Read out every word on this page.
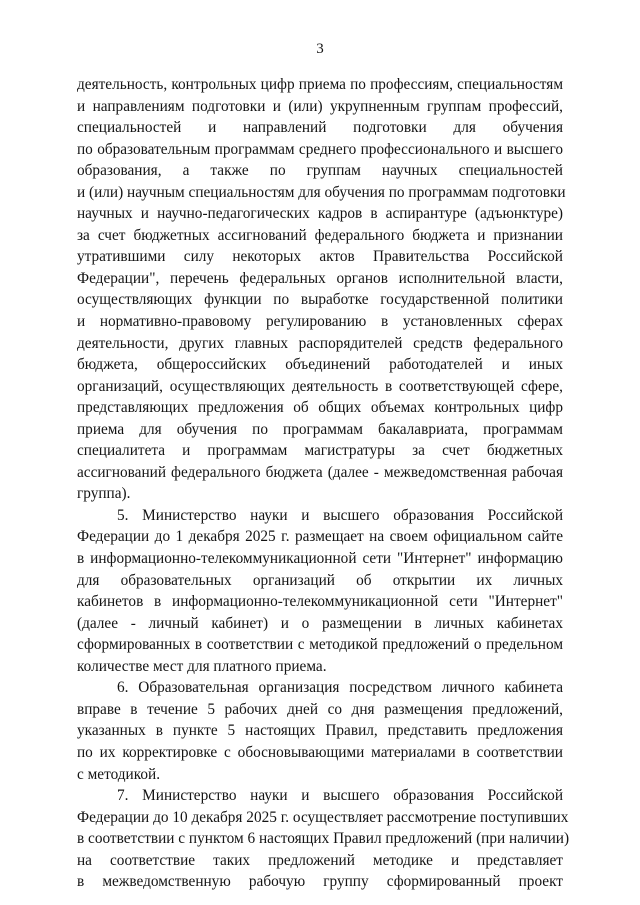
3
деятельность, контрольных цифр приема по профессиям, специальностям
и направлениям подготовки и (или) укрупненным группам профессий,
специальностей и направлений подготовки для обучения
по образовательным программам среднего профессионального и высшего
образования, а также по группам научных специальностей
и (или) научным специальностям для обучения по программам подготовки
научных и научно-педагогических кадров в аспирантуре (адъюнктуре)
за счет бюджетных ассигнований федерального бюджета и признании
утратившими силу некоторых актов Правительства Российской
Федерации", перечень федеральных органов исполнительной власти,
осуществляющих функции по выработке государственной политики
и нормативно-правовому регулированию в установленных сферах
деятельности, других главных распорядителей средств федерального
бюджета, общероссийских объединений работодателей и иных
организаций, осуществляющих деятельность в соответствующей сфере,
представляющих предложения об общих объемах контрольных цифр
приема для обучения по программам бакалавриата, программам
специалитета и программам магистратуры за счет бюджетных
ассигнований федерального бюджета (далее - межведомственная рабочая
группа).
5. Министерство науки и высшего образования Российской
Федерации до 1 декабря 2025 г. размещает на своем официальном сайте
в информационно-телекоммуникационной сети "Интернет" информацию
для образовательных организаций об открытии их личных
кабинетов в информационно-телекоммуникационной сети "Интернет"
(далее - личный кабинет) и о размещении в личных кабинетах
сформированных в соответствии с методикой предложений о предельном
количестве мест для платного приема.
6. Образовательная организация посредством личного кабинета
вправе в течение 5 рабочих дней со дня размещения предложений,
указанных в пункте 5 настоящих Правил, представить предложения
по их корректировке с обосновывающими материалами в соответствии
с методикой.
7. Министерство науки и высшего образования Российской
Федерации до 10 декабря 2025 г. осуществляет рассмотрение поступивших
в соответствии с пунктом 6 настоящих Правил предложений (при наличии)
на соответствие таких предложений методике и представляет
в межведомственную рабочую группу сформированный проект
